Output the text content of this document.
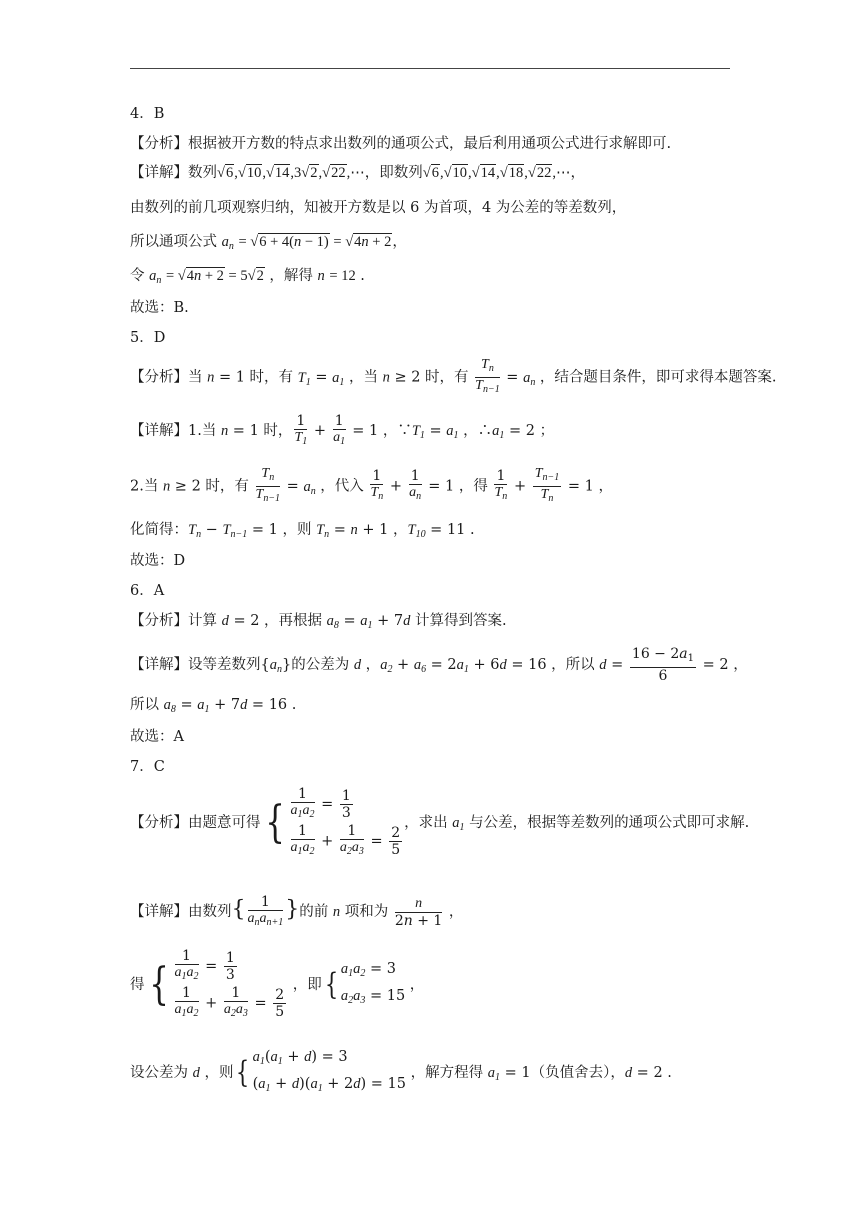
4．B
【分析】根据被开方数的特点求出数列的通项公式，最后利用通项公式进行求解即可.
【详解】数列√6,√10,√14,3√2,√22,⋯，即数列√6,√10,√14,√18,√22,⋯，
由数列的前几项观察归纳，知被开方数是以 6 为首项，4 为公差的等差数列，
所以通项公式 $a_n = √6 + 4(n - 1) = √4n + 2$，
令 $a_n = √4n + 2 = 5√2$ ，解得 n = 12 .
故选：B.
5．D
【分析】当 n = 1 时，有 $T_1 = a_1$ ，当 n ≥ 2 时，有 $\frac{T_n}{T_{n-1}} = a_n$ ，结合题目条件，即可求得本题答案.
【详解】1.当 n = 1 时， $\frac{1}{T_1} + \frac{1}{a_1} = 1$ ，$\because T_1 = a_1$ ，$\therefore a_1 = 2$ ；
2.当 n ≥ 2 时，有 $\frac{T_n}{T_{n-1}} = a_n$ ，代入 $\frac{1}{T_n} + \frac{1}{a_n} = 1$ ，得 $\frac{1}{T_n} + \frac{T_{n-1}}{T_n} = 1$ ，
化简得：$T_n - T_{n-1} = 1$ ，则 $T_n = n + 1$ ，$T_{10} = 11$ .
故选：D
6．A
【分析】计算 d = 2 ，再根据 $a_8 = a_1 + 7d$ 计算得到答案.
【详解】设等差数列$\{a_n\}$的公差为 d ，$a_2 + a_6 = 2a_1 + 6d = 16$ ，所以 $d = \frac{16 - 2a_1}{6} = 2$ ，
所以 $a_8 = a_1 + 7d = 16$ .
故选：A
7．C
【分析】由题意可得{ $\frac{1}{a_1a_2} = \frac{1}{3}$
$\frac{1}{a_1a_2} + \frac{1}{a_2a_3} = \frac{2}{5}$
，求出 $a_1$ 与公差，根据等差数列的通项公式即可求解.
【详解】由数列{ $\frac{1}{a_na_{n+1}}$ }的前 n 项和为 $\frac{n}{2n + 1}$ ，
得{ $\frac{1}{a_1a_2} = \frac{1}{3}$
$\frac{1}{a_1a_2} + \frac{1}{a_2a_3} = \frac{2}{5}$
，即{ $a_1a_2 = 3$
$a_2a_3 = 15$
，
设公差为 d ，则{ $a_1(a_1 + d) = 3$
$(a_1 + d)(a_1 + 2d) = 15$
，解方程得 $a_1 = 1$（负值舍去），d = 2 .
